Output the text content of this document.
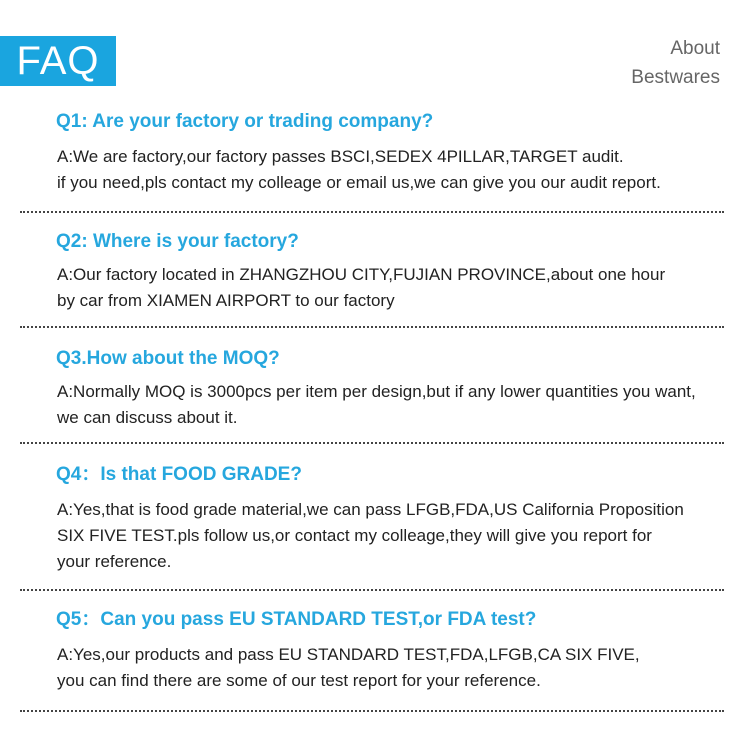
FAQ	About
Bestwares
Q1: Are your factory or trading company?
A:We are factory,our factory passes BSCI,SEDEX 4PILLAR,TARGET audit.
if you need,pls contact my colleage or email us,we can give you our audit report.
Q2: Where is your factory?
A:Our factory located in ZHANGZHOU CITY,FUJIAN PROVINCE,about one hour
by car from XIAMEN AIRPORT to our factory
Q3.How about the MOQ?
A:Normally MOQ is 3000pcs per item per design,but if any lower quantities you want,
we can discuss about it.
Q4：Is that FOOD GRADE?
A:Yes,that is food grade material,we can pass LFGB,FDA,US California Proposition
SIX FIVE TEST.pls follow us,or contact my colleage,they will give you report for
your reference.
Q5：Can you pass EU STANDARD TEST,or FDA test?
A:Yes,our products and pass EU STANDARD TEST,FDA,LFGB,CA SIX FIVE,
you can find there are some of our test report for your reference.
